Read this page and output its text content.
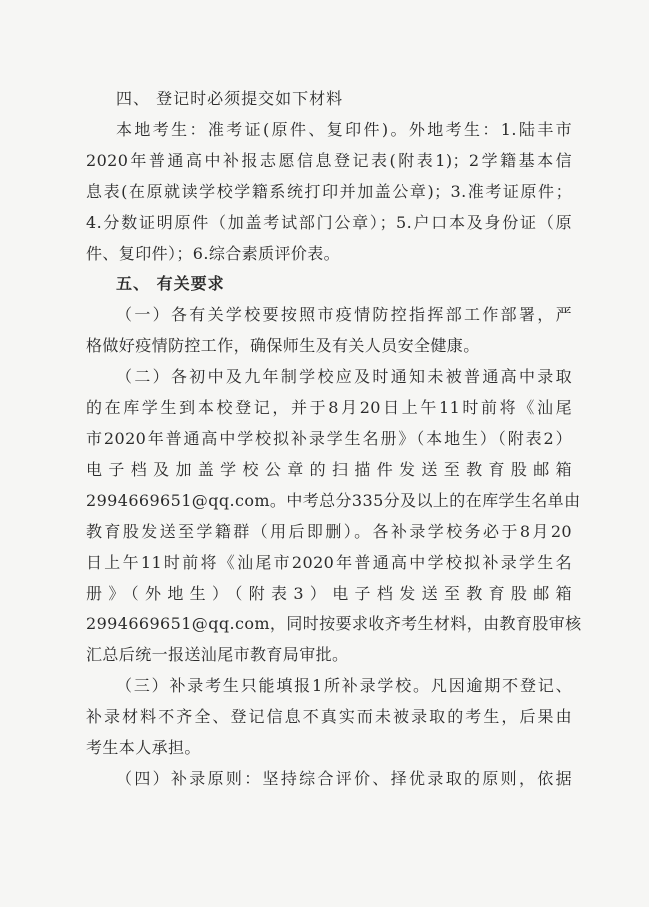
四、 登记时必须提交如下材料
本地考生：准考证(原件、复印件)。外地考生：1.陆丰市
2020年普通高中补报志愿信息登记表(附表1)；2学籍基本信
息表(在原就读学校学籍系统打印并加盖公章)；3.准考证原件；
4.分数证明原件（加盖考试部门公章）；5.户口本及身份证（原
件、复印件）；6.综合素质评价表。
五、 有关要求
（一）各有关学校要按照市疫情防控指挥部工作部署，严
格做好疫情防控工作，确保师生及有关人员安全健康。
（二）各初中及九年制学校应及时通知未被普通高中录取
的在库学生到本校登记，并于8月20日上午11时前将《汕尾
市2020年普通高中学校拟补录学生名册》（本地生）（附表2）
电子档及加盖学校公章的扫描件发送至教育股邮箱
2994669651@qq.com。中考总分335分及以上的在库学生名单由
教育股发送至学籍群（用后即删）。各补录学校务必于8月20
日上午11时前将《汕尾市2020年普通高中学校拟补录学生名
册》（外地生）（附表3）电子档发送至教育股邮箱
2994669651@qq.com，同时按要求收齐考生材料，由教育股审核
汇总后统一报送汕尾市教育局审批。
（三）补录考生只能填报1所补录学校。凡因逾期不登记、
补录材料不齐全、登记信息不真实而未被录取的考生，后果由
考生本人承担。
（四）补录原则：坚持综合评价、择优录取的原则，依据
